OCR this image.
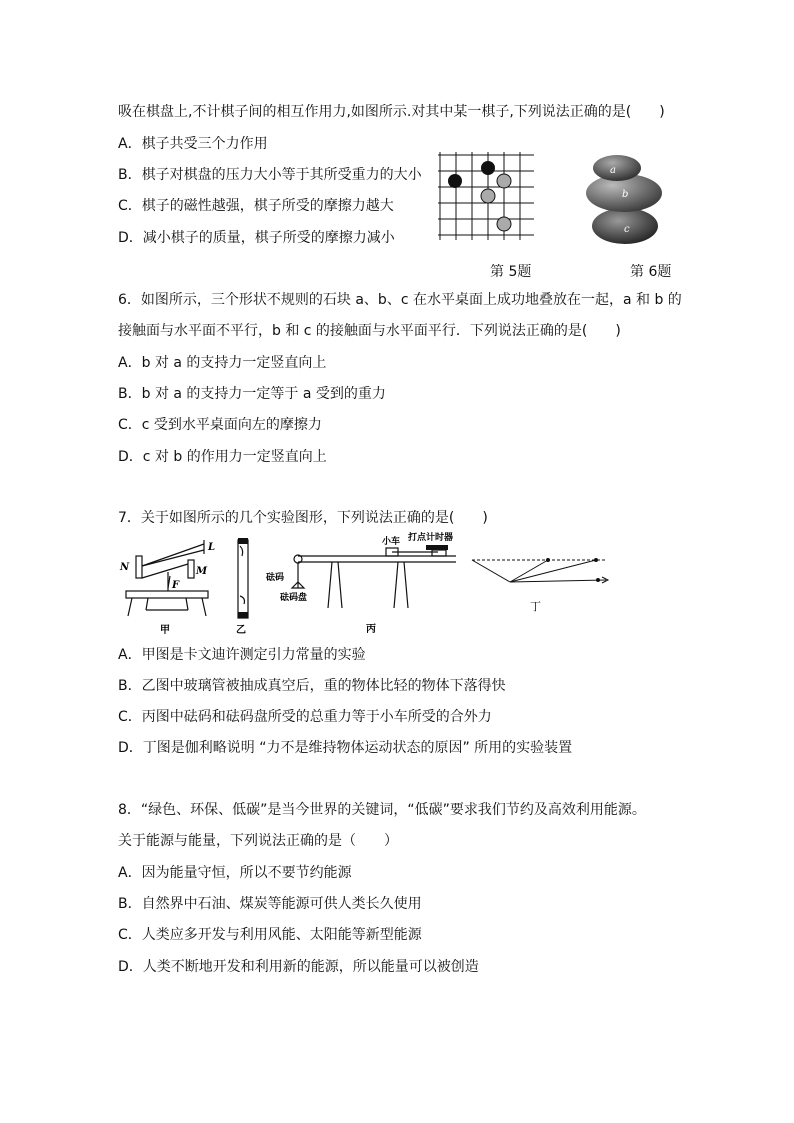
吸在棋盘上,不计棋子间的相互作用力,如图所示.对其中某一棋子,下列说法正确的是(　　)
A．棋子共受三个力作用
B．棋子对棋盘的压力大小等于其所受重力的大小
C．棋子的磁性越强，棋子所受的摩擦力越大
D．减小棋子的质量，棋子所受的摩擦力减小
第 5题
a
b
c
第 6题
6．如图所示，三个形状不规则的石块 a、b、c 在水平桌面上成功地叠放在一起，a 和 b 的
接触面与水平面不平行，b 和 c 的接触面与水平面平行．下列说法正确的是(　　)
A．b 对 a 的支持力一定竖直向上
B．b 对 a 的支持力一定等于 a 受到的重力
C．c 受到水平桌面向左的摩擦力
D．c 对 b 的作用力一定竖直向上
7．关于如图所示的几个实验图形，下列说法正确的是(　　)
N
L
M
F
甲	乙
小车 打点计时器
砝码
砝码盘
丙
丁
A．甲图是卡文迪许测定引力常量的实验
B．乙图中玻璃管被抽成真空后，重的物体比轻的物体下落得快
C．丙图中砝码和砝码盘所受的总重力等于小车所受的合外力
D．丁图是伽利略说明 “力不是维持物体运动状态的原因” 所用的实验装置
8．“绿色、环保、低碳”是当今世界的关键词，“低碳”要求我们节约及高效利用能源。
关于能源与能量，下列说法正确的是（　　）
A．因为能量守恒，所以不要节约能源
B．自然界中石油、煤炭等能源可供人类长久使用
C．人类应多开发与利用风能、太阳能等新型能源
D．人类不断地开发和利用新的能源，所以能量可以被创造
